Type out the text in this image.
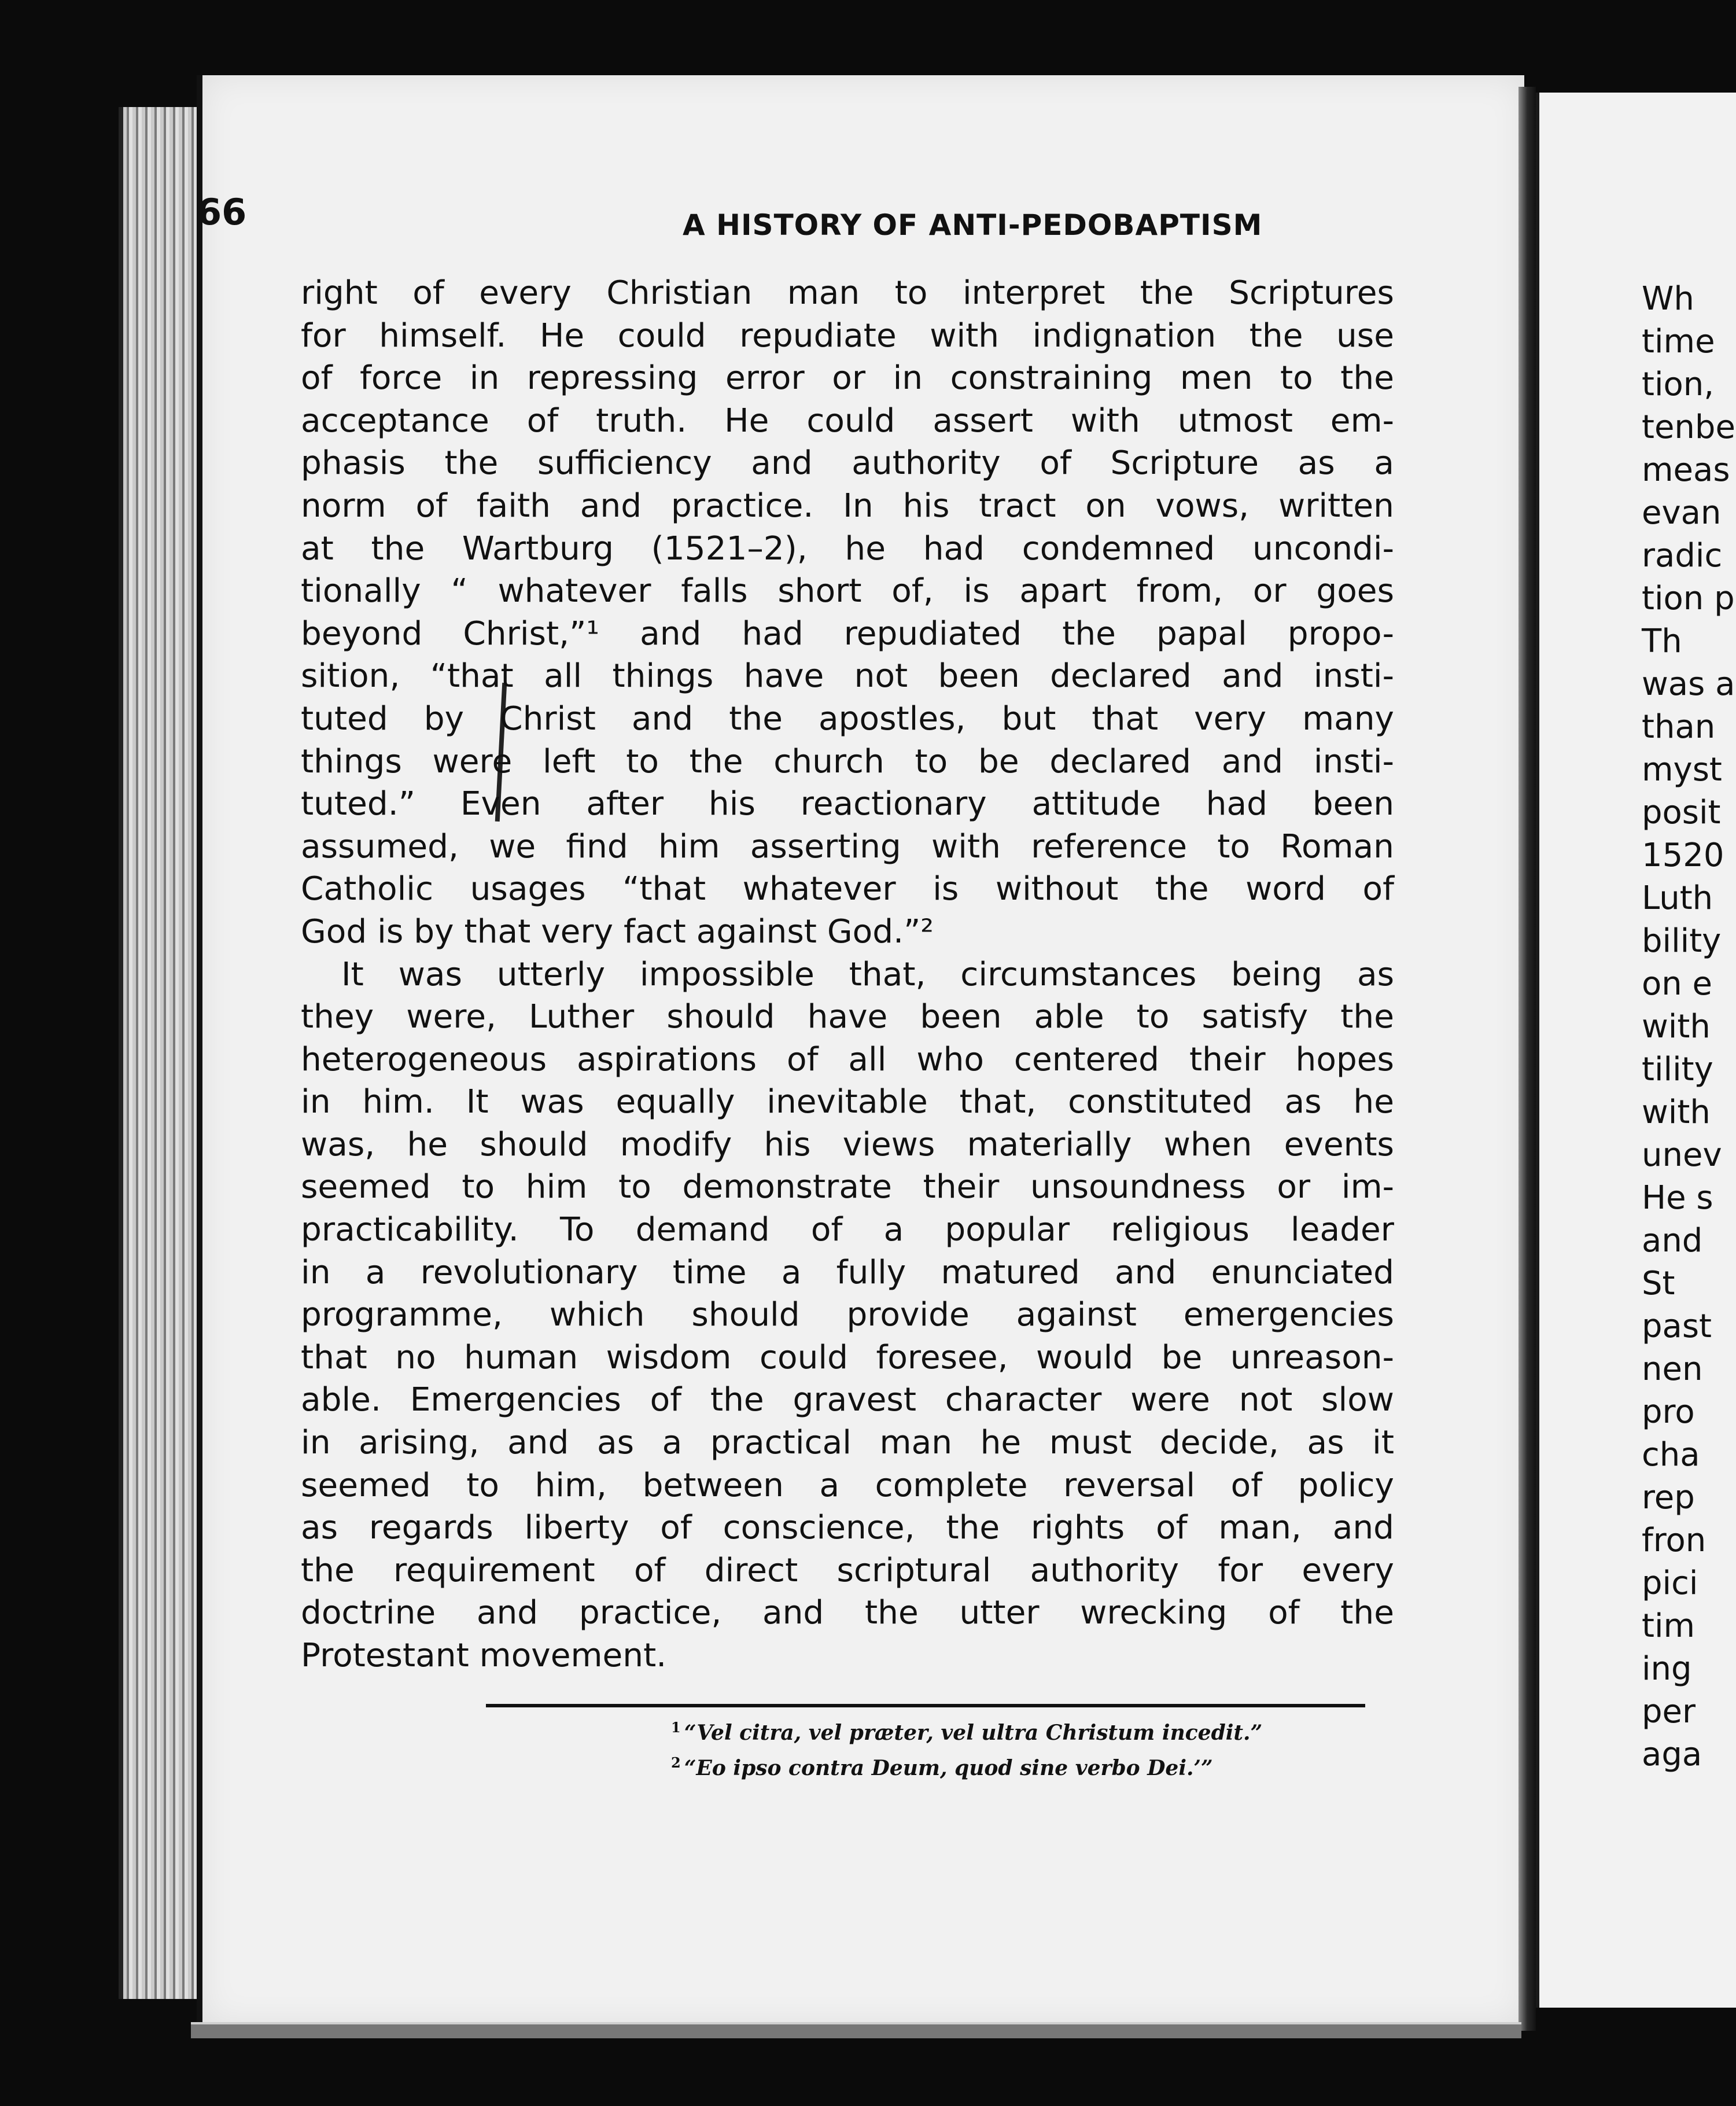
66	A HISTORY OF ANTI-PEDOBAPTISM
right of every Christian man to interpret the Scriptures
for himself. He could repudiate with indignation the use
of force in repressing error or in constraining men to the
acceptance of truth. He could assert with utmost em-
phasis the sufficiency and authority of Scripture as a
norm of faith and practice. In his tract on vows, written
at the Wartburg (1521–2), he had condemned uncondi-
tionally “ whatever falls short of, is apart from, or goes
beyond Christ,”¹ and had repudiated the papal propo-
sition, “that all things have not been declared and insti-
tuted by Christ and the apostles, but that very many
things were left to the church to be declared and insti-
tuted.” Even after his reactionary attitude had been
assumed, we find him asserting with reference to Roman
Catholic usages “that whatever is without the word of
God is by that very fact against God.”²
It was utterly impossible that, circumstances being as
they were, Luther should have been able to satisfy the
heterogeneous aspirations of all who centered their hopes
in him. It was equally inevitable that, constituted as he
was, he should modify his views materially when events
seemed to him to demonstrate their unsoundness or im-
practicability. To demand of a popular religious leader
in a revolutionary time a fully matured and enunciated
programme, which should provide against emergencies
that no human wisdom could foresee, would be unreason-
able. Emergencies of the gravest character were not slow
in arising, and as a practical man he must decide, as it
seemed to him, between a complete reversal of policy
as regards liberty of conscience, the rights of man, and
the requirement of direct scriptural authority for every
doctrine and practice, and the utter wrecking of the
Protestant movement.
$^1$ “Vel citra, vel præter, vel ultra Christum incedit.”
$^2$ “Eo ipso contra Deum, quod sine verbo Dei.’”
Wh
time
tion,
tenbe
meas
evan
radic
tion p
Th
was a
than
myst
posit
1520
Luth
bility
on e
with
tility
with
unev
He s
and
St
past
nen
pro
cha
rep
fron
pici
tim
ing
per
aga
